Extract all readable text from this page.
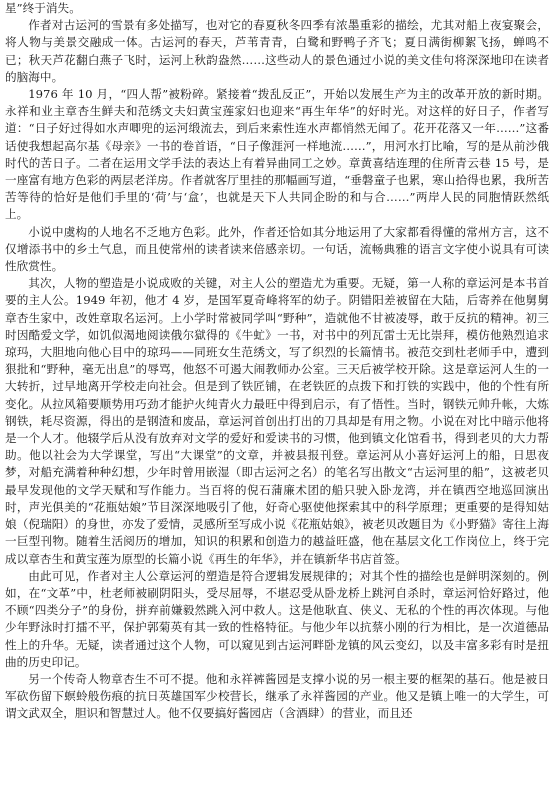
星”终于消失。

作者对古运河的雪景有多处描写，也对它的春夏秋冬四季有浓墨重彩的描绘，尤其对船上夜宴聚会，将人物与美景交融成一体。古运河的春天，芦苇青青，白鹭和野鸭子齐飞；夏日满街柳絮飞扬，蝉鸣不已；秋天芦花翻白燕子飞时，运河上秋韵盎然……这些动人的景色通过小说的美文佳句将深深地印在读者的脑海中。

1976 年 10 月，“四人帮”被粉碎。紧接着“拨乱反正”，开始以发展生产为主的改革开放的新时期。永祥和业主章杏生鲜夫和范绣文夫妇黄宝莲家妇也迎来“再生年华”的好时光。对这样的好日子，作者写道：“日子好过得如水声唧兜的运河缎流去，到后来索性连水声都悄然无闻了。花开花落又一年……”这番话使我想起高尔基《母亲》一书的卷首语，“日子像涯河一样地流……”，用河水打比喻，写的是从前沙俄时代的苦日子。二者在运用文学手法的表达上有着异曲同工之妙。章黄喜结连理的住所青云巷 15 号，是一座富有地方色彩的两层老洋房。作者就客厅里挂的那幅画写道，“垂磐童子也累，寒山拾得也累，我所苦苦等待的恰好是他们手里的‘荷’与‘盒’，也就是天下人共同企盼的和与合……”两岸人民的同胞情跃然纸上。

小说中虞构的人地名不乏地方色彩。此外，作者还恰如其分地运用了大家都看得懂的常州方言，这不仅增添书中的乡土气息，而且使常州的读者读来倍感亲切。一句话，流畅典雅的语言文字使小说具有可读性欣赏性。

其次，人物的塑造是小说成败的关键，对主人公的塑造尤为重要。无疑，第一人称的章运河是本书首要的主人公。1949 年初，他才 4 岁，是国军夏奇峰将军的幼子。阴错阳差被留在大陆，后寄养在他舅舅章杏生家中，改姓章取名运河。上小学时常被同学叫“野种”，造就他不甘被凌辱，敢于反抗的精神。初三时因酷爱文学，如饥似渴地阅读俄尔獄得的《牛虻》一书，对书中的列瓦雷士无比崇拜，模仿他熟烈追求琼玛，大胆地向他心目中的琼玛——同班女生范绣文，写了织烈的长篇情书。被范交到杜老师手中，遭到狠批和“野种，毫无出息”的辱骂，他怒不可遏大闹教师办公室。三天后被学校开除。这是章运河人生的一大转折，过早地离开学校走向社会。但是到了铁匠铺，在老铁匠的点拨下和打铁的实践中，他的个性有所变化。从拉风箱要顺势用巧劲才能护火纯青火力最旺中得到启示，有了悟性。当时，钢铁元帅升帐，大炼钢铁，耗尽资源，得出的是钢渣和废品，章运河首创出打出的刀具却是有用之物。小说在对比中暗示他将是一个人才。他辍学后从没有放弃对文学的爱好和爱读书的习惯，他到镇文化馆看书，得到老贝的大力帮助。他以社会为大学课堂，写出“大课堂”的文章，并被县报刊登。章运河从小喜好运河上的船，日思夜梦，对船充满着种种幻想，少年时曾用嵌湿（即古运河之名）的笔名写出散文“古运河里的船”，这被老贝最早发现他的文学天赋和写作能力。当百将的倪石蒲廉术团的船只驶入卧龙湾，并在镇西空地巡回演出时，声光俱美的“花瓶姑娘”节目深深地吸引了他，好奇心驱使他探索其中的科学原理；更重要的是得知姑娘（倪瑞阳）的身世，亦发了爱情，灵感所至写成小说《花瓶姑娘》，被老贝改题目为《小野猫》寄往上海一巨型刊物。随着生活阅历的增加，知识的积累和创造力的越益旺盛，他在基层文化工作岗位上，终于完成以章杏生和黄宝莲为原型的长篇小说《再生的年华》，并在镇新华书店首签。

由此可见，作者对主人公章运河的塑造是符合逻辑发展规律的；对其个性的描绘也是鲜明深刻的。例如，在“文革”中，杜老师被刷阴阳头，受尽屈辱，不堪忍受从卧龙桥上跳河自杀时，章运河恰好路过，他不顾“四类分子”的身份，拼弃前嫌毅然跳入河中救人。这是他耿直、侠义、无私的个性的再次体现。与他少年野泳时打擂不平，保护郭菊英有其一致的性格特征。与他少年以抗蔡小刚的行为相比，是一次道德品性上的升华。无疑，读者通过这个人物，可以窥见到古运河畔卧龙镇的风云变幻，以及丰富多彩有时是扭曲的历史印记。

另一个传奇人物章杏生不可不提。他和永祥裤酱园是支撑小说的另一根主要的框架的基石。他是被日军砍伤留下螟蛉般伤痕的抗日英雄国军少校营长，继承了永祥酱园的产业。他又是镇上唯一的大学生，可谓文武双全，胆识和智慧过人。他不仅要搞好酱园店（含酒肆）的营业，而且还
